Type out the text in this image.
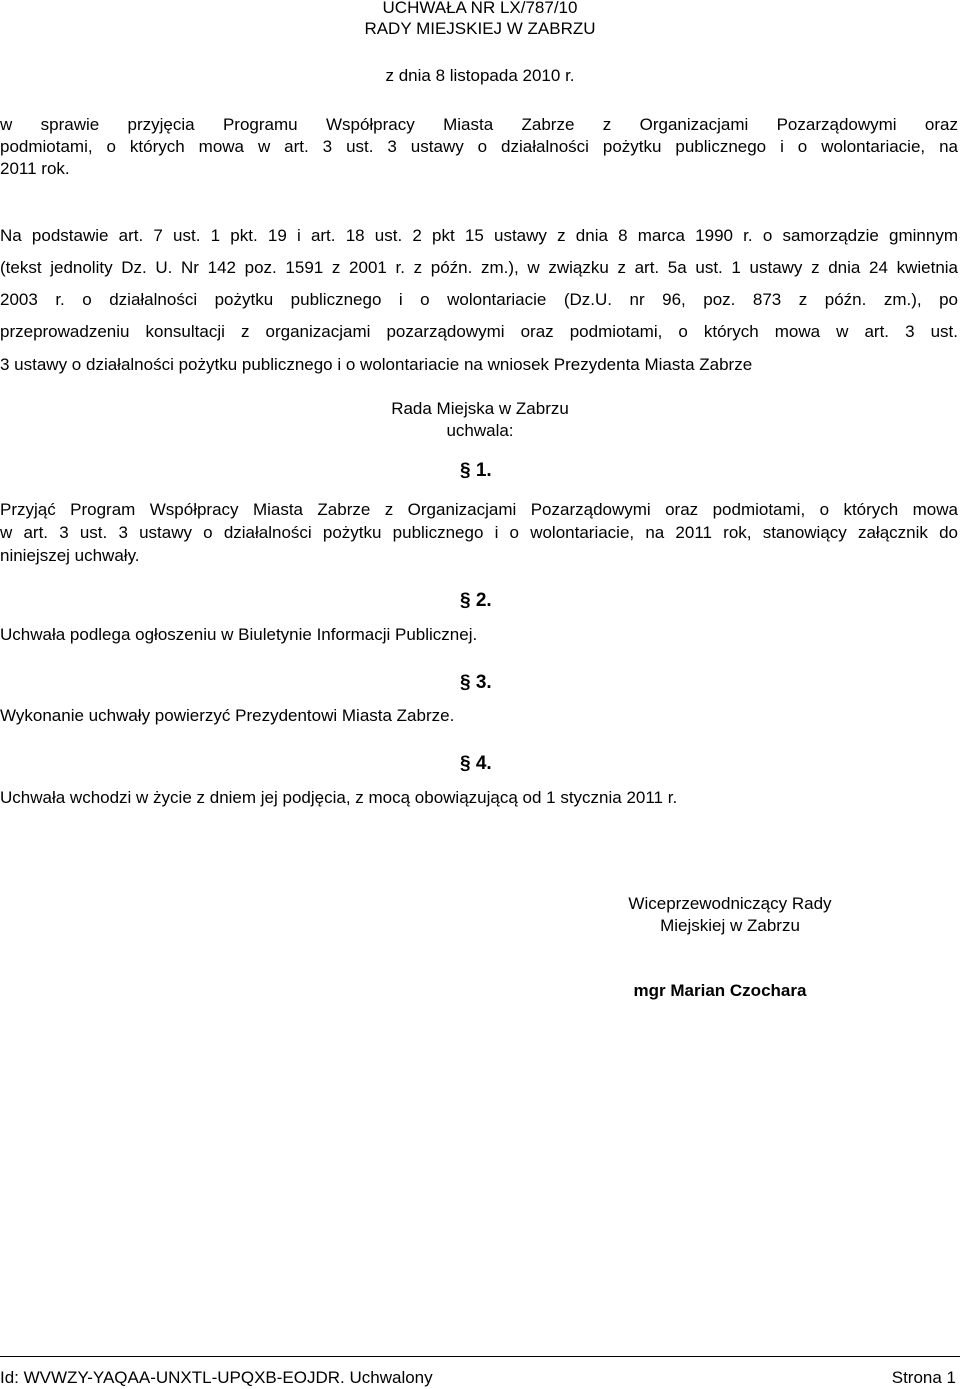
UCHWAŁA NR LX/787/10
RADY MIEJSKIEJ W ZABRZU
z dnia 8 listopada 2010 r.
w sprawie przyjęcia Programu Współpracy Miasta Zabrze z Organizacjami Pozarządowymi oraz
podmiotami, o których mowa w art. 3 ust. 3 ustawy o działalności pożytku publicznego i o wolontariacie, na
2011 rok.
Na podstawie art. 7 ust. 1 pkt. 19 i art. 18 ust. 2 pkt 15 ustawy z dnia 8 marca 1990 r. o samorządzie gminnym
(tekst jednolity Dz. U. Nr 142 poz. 1591 z 2001 r. z późn. zm.), w związku z art. 5a ust. 1 ustawy z dnia 24 kwietnia
2003 r. o działalności pożytku publicznego i o wolontariacie (Dz.U. nr 96, poz. 873 z późn. zm.), po
przeprowadzeniu konsultacji z organizacjami pozarządowymi oraz podmiotami, o których mowa w art. 3 ust.
3 ustawy o działalności pożytku publicznego i o wolontariacie na wniosek Prezydenta Miasta Zabrze
Rada Miejska w Zabrzu
uchwala:
§ 1.
Przyjąć Program Współpracy Miasta Zabrze z Organizacjami Pozarządowymi oraz podmiotami, o których mowa
w art. 3 ust. 3 ustawy o działalności pożytku publicznego i o wolontariacie, na 2011 rok, stanowiący załącznik do
niniejszej uchwały.
§ 2.
Uchwała podlega ogłoszeniu w Biuletynie Informacji Publicznej.
§ 3.
Wykonanie uchwały powierzyć Prezydentowi Miasta Zabrze.
§ 4.
Uchwała wchodzi w życie z dniem jej podjęcia, z mocą obowiązującą od 1 stycznia 2011 r.
Wiceprzewodniczący Rady
Miejskiej w Zabrzu
mgr Marian Czochara
Id: WVWZY-YAQAA-UNXTL-UPQXB-EOJDR. Uchwalony	Strona 1
